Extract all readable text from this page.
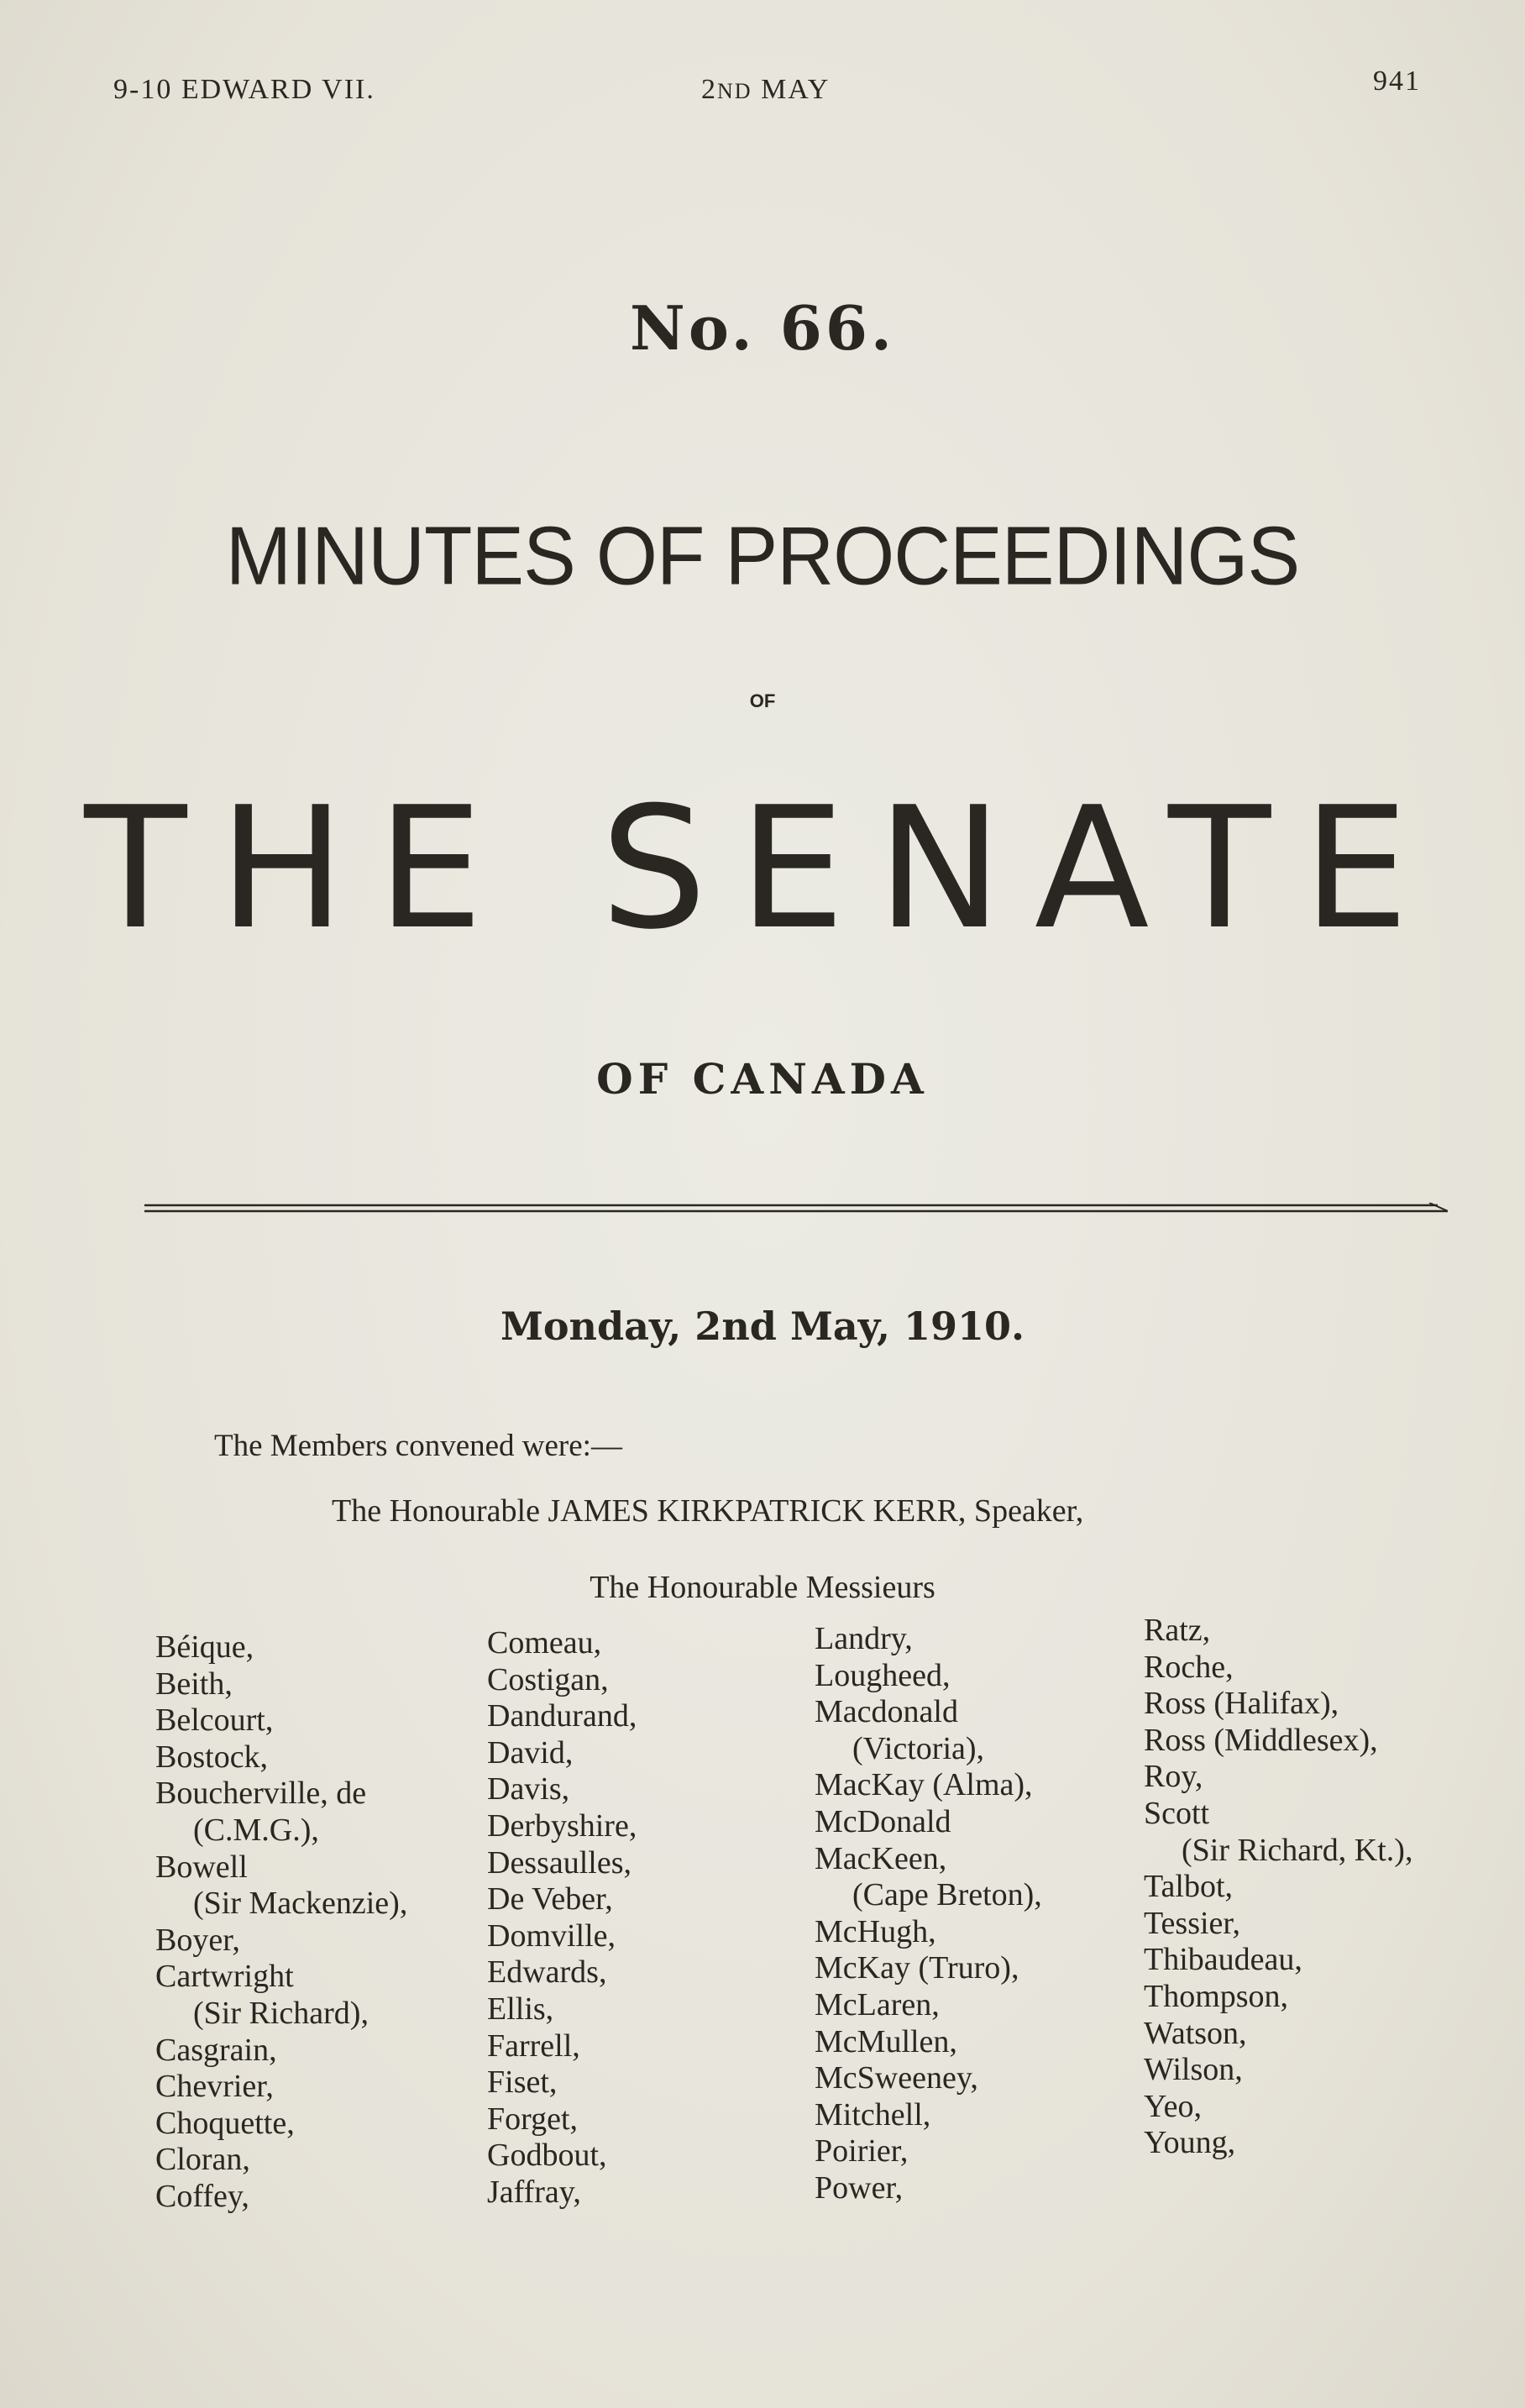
9-10 EDWARD VII.	2ND MAY	941
No. 66.
MINUTES OF PROCEEDINGS
OF
THE SENATE
OF CANADA
Monday, 2nd May, 1910.
The Members convened were:—
The Honourable JAMES KIRKPATRICK KERR, Speaker,
The Honourable Messieurs
Béique,
Beith,
Belcourt,
Bostock,
Boucherville, de
(C.M.G.),
Bowell
(Sir Mackenzie),
Boyer,
Cartwright
(Sir Richard),
Casgrain,
Chevrier,
Choquette,
Cloran,
Coffey,
Comeau,
Costigan,
Dandurand,
David,
Davis,
Derbyshire,
Dessaulles,
De Veber,
Domville,
Edwards,
Ellis,
Farrell,
Fiset,
Forget,
Godbout,
Jaffray,
Landry,
Lougheed,
Macdonald
(Victoria),
MacKay (Alma),
McDonald
MacKeen,
(Cape Breton),
McHugh,
McKay (Truro),
McLaren,
McMullen,
McSweeney,
Mitchell,
Poirier,
Power,
Ratz,
Roche,
Ross (Halifax),
Ross (Middlesex),
Roy,
Scott
(Sir Richard, Kt.),
Talbot,
Tessier,
Thibaudeau,
Thompson,
Watson,
Wilson,
Yeo,
Young,
